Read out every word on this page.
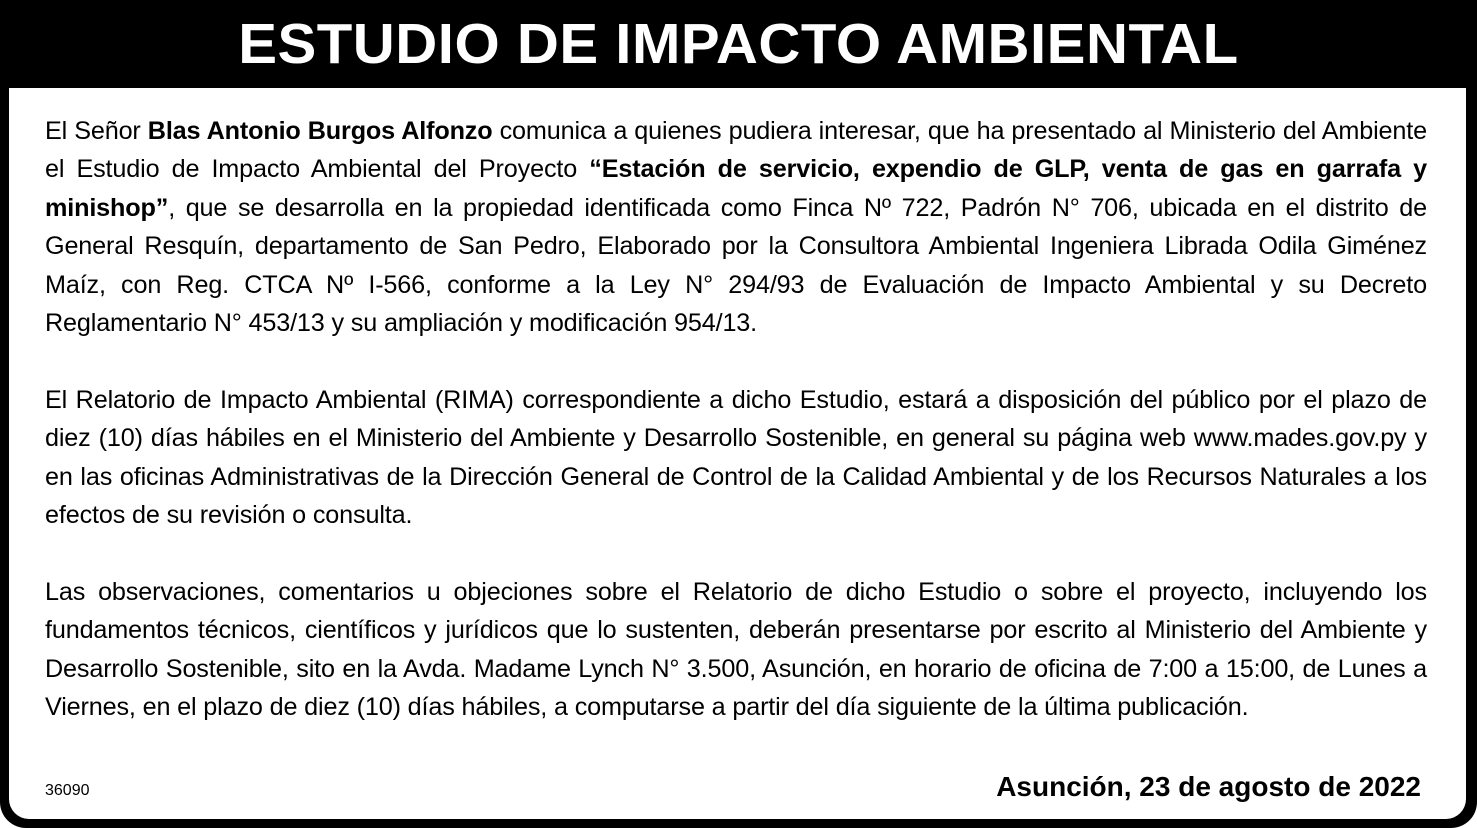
ESTUDIO DE IMPACTO AMBIENTAL

El Señor Blas Antonio Burgos Alfonzo comunica a quienes pudiera interesar, que ha presentado al Ministerio del Ambiente el Estudio de Impacto Ambiental del Proyecto “Estación de servicio, expendio de GLP, venta de gas en garrafa y minishop”, que se desarrolla en la propiedad identificada como Finca Nº 722, Padrón N° 706, ubicada en el distrito de General Resquín, departamento de San Pedro, Elaborado por la Consultora Ambiental Ingeniera Librada Odila Giménez Maíz, con Reg. CTCA Nº I-566, conforme a la Ley N° 294/93 de Evaluación de Impacto Ambiental y su Decreto Reglamentario N° 453/13 y su ampliación y modificación 954/13.

El Relatorio de Impacto Ambiental (RIMA) correspondiente a dicho Estudio, estará a disposición del público por el plazo de diez (10) días hábiles en el Ministerio del Ambiente y Desarrollo Sostenible, en general su página web www.mades.gov.py y en las oficinas Administrativas de la Dirección General de Control de la Calidad Ambiental y de los Recursos Naturales a los efectos de su revisión o consulta.

Las observaciones, comentarios u objeciones sobre el Relatorio de dicho Estudio o sobre el proyecto, incluyendo los fundamentos técnicos, científicos y jurídicos que lo sustenten, deberán presentarse por escrito al Ministerio del Ambiente y Desarrollo Sostenible, sito en la Avda. Madame Lynch N° 3.500, Asunción, en horario de oficina de 7:00 a 15:00, de Lunes a Viernes, en el plazo de diez (10) días hábiles, a computarse a partir del día siguiente de la última publicación.

36090	Asunción, 23 de agosto de 2022
